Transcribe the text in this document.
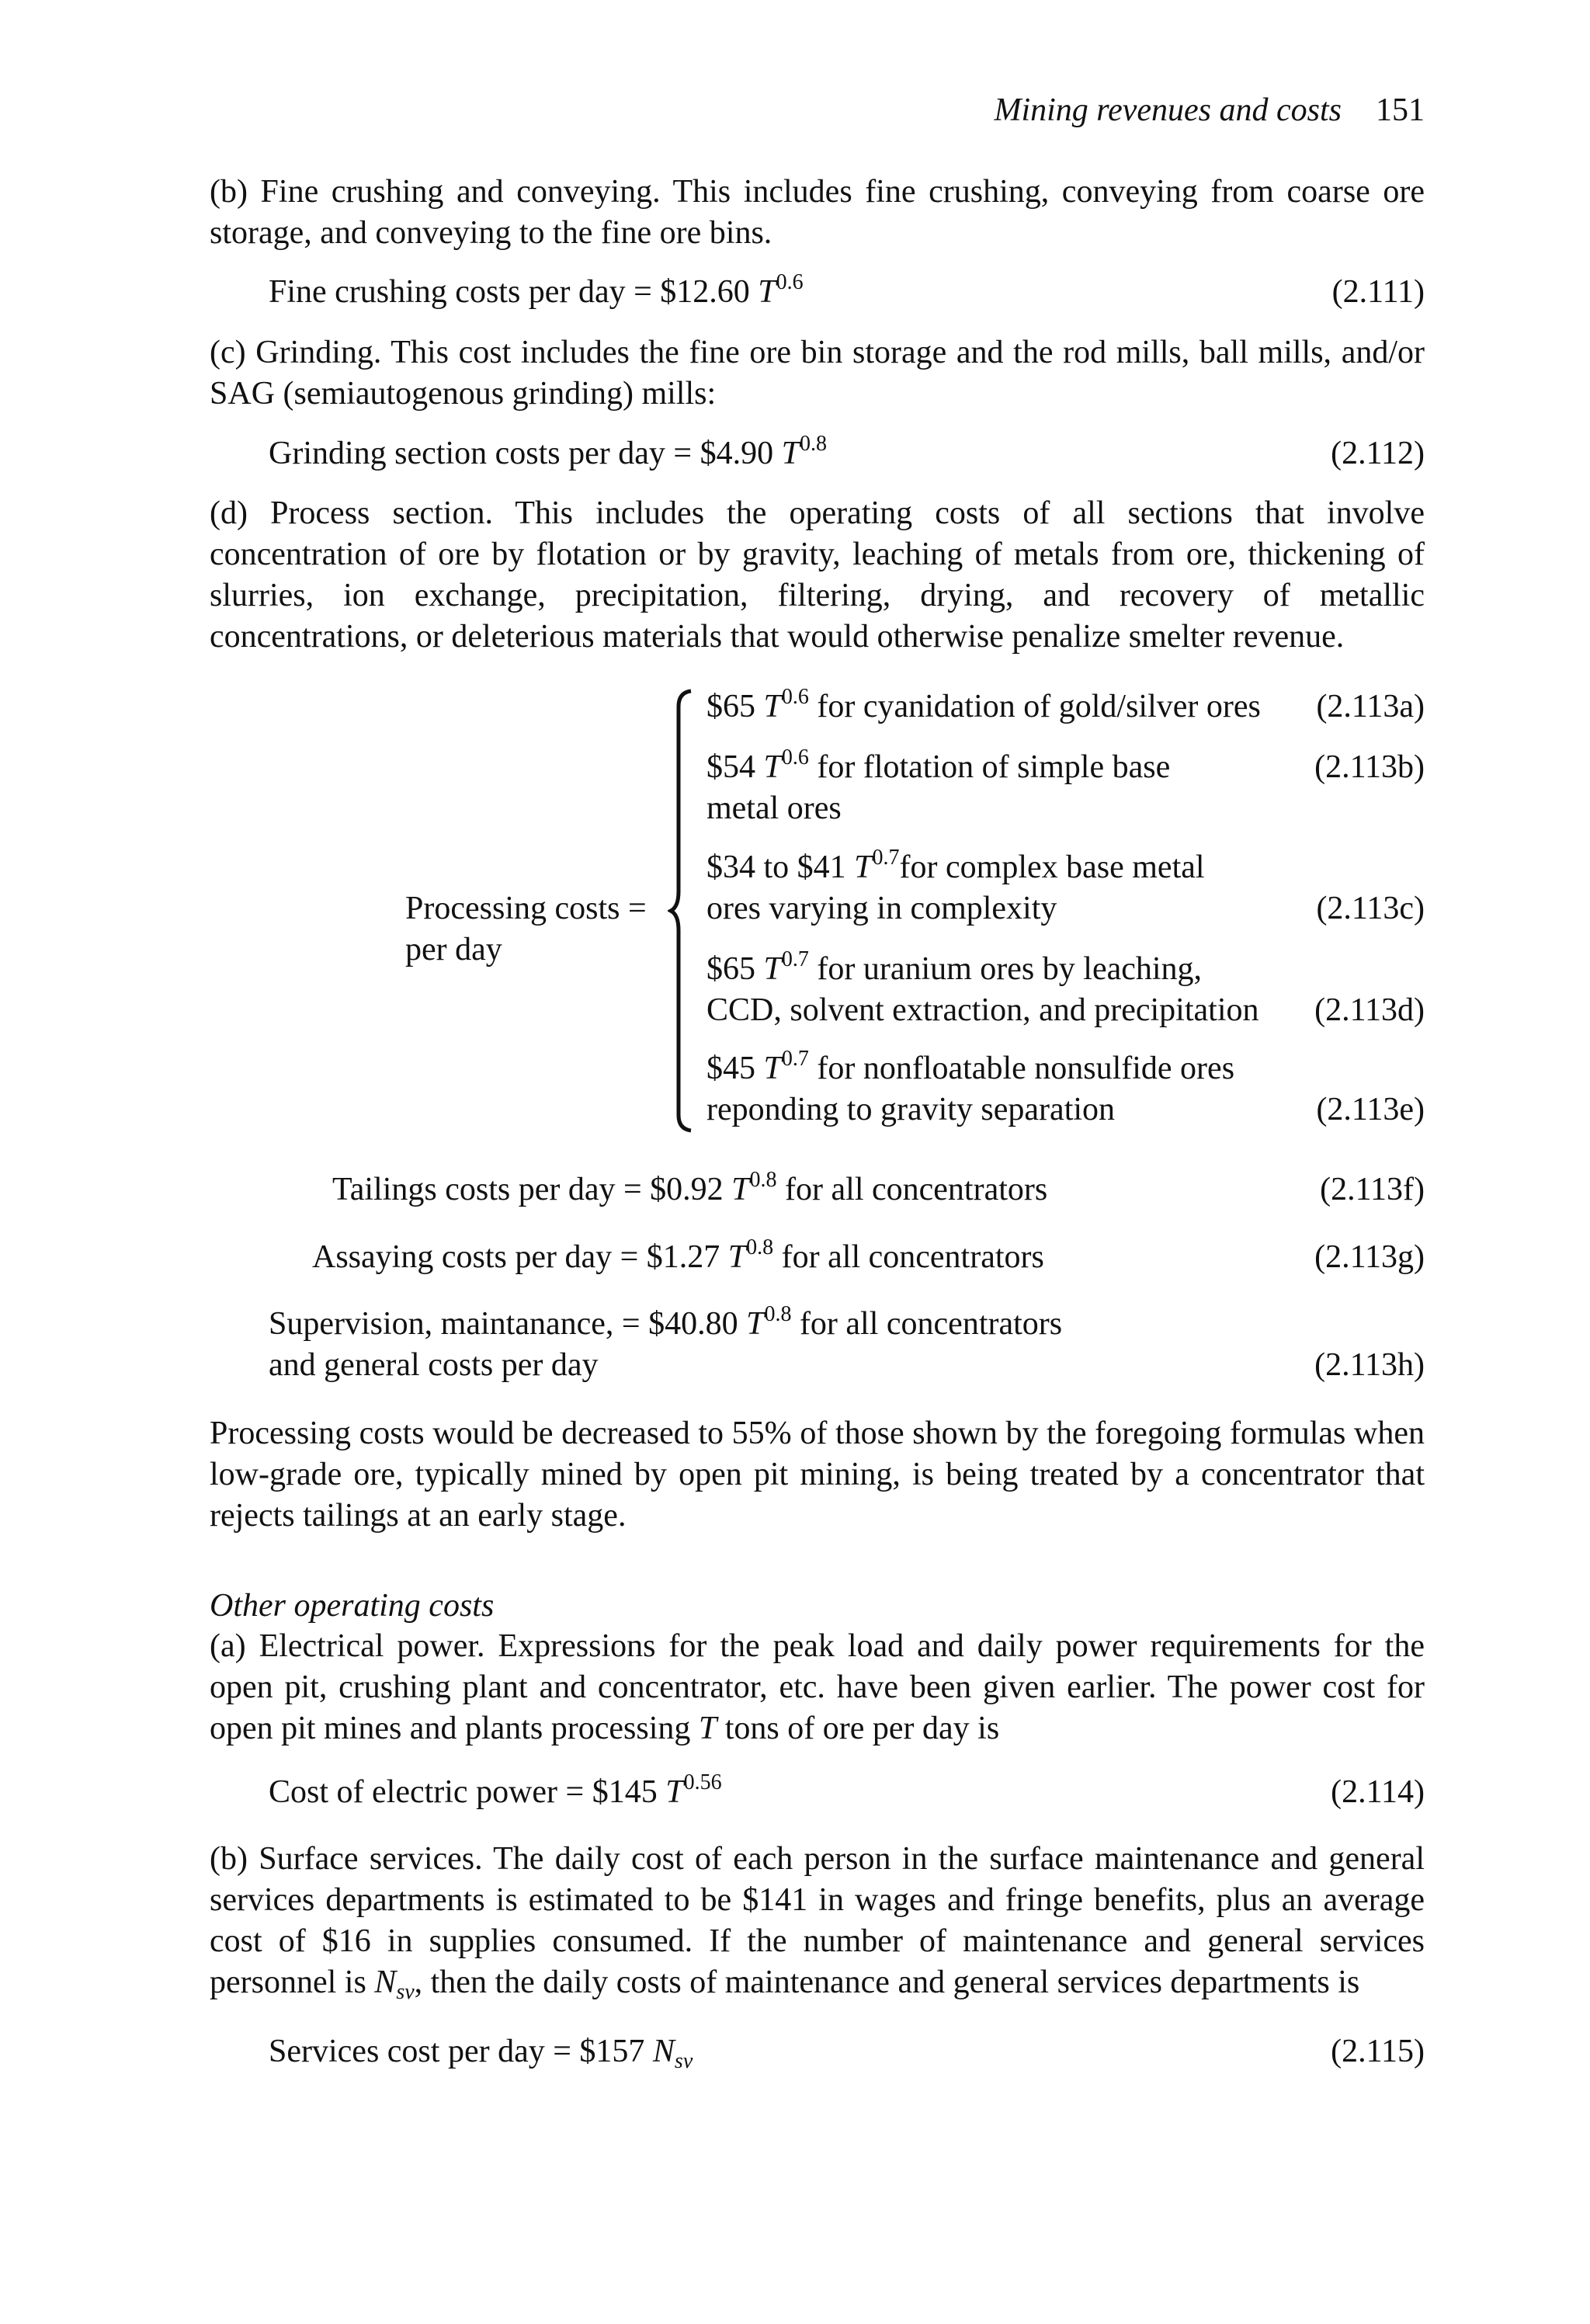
Mining revenues and costs 151

(b) Fine crushing and conveying. This includes fine crushing, conveying from coarse ore storage, and conveying to the fine ore bins.

Fine crushing costs per day = $12.60 $T^{0.6}$	(2.111)

(c) Grinding. This cost includes the fine ore bin storage and the rod mills, ball mills, and/or SAG (semiautogenous grinding) mills:

Grinding section costs per day = $4.90 $T^{0.8}$	(2.112)

(d) Process section. This includes the operating costs of all sections that involve concentration of ore by flotation or by gravity, leaching of metals from ore, thickening of slurries, ion exchange, precipitation, filtering, drying, and recovery of metallic concentrations, or deleterious materials that would otherwise penalize smelter revenue.

Processing costs =
per day
$65 $T^{0.6}$ for cyanidation of gold/silver ores (2.113a)
$54 $T^{0.6}$ for flotation of simple base
metal ores
(2.113b)
$34 to $41 $T^{0.7}for$ complex base metal
ores varying in complexity	(2.113c)
$65 $T^{0.7}$ for uranium ores by leaching,
CCD, solvent extraction, and precipitation (2.113d)
$45 $T^{0.7}$ for nonfloatable nonsulfide ores
reponding to gravity separation	(2.113e)
Tailings costs per day = $0.92 $T^{0.8}$ for all concentrators	(2.113f)
Assaying costs per day = $1.27 $T^{0.8}$ for all concentrators	(2.113g)
Supervision, maintanance, = $40.80 $T^{0.8}$ for all concentrators
and general costs per day	(2.113h)

Processing costs would be decreased to 55% of those shown by the foregoing formulas when low-grade ore, typically mined by open pit mining, is being treated by a concentrator that rejects tailings at an early stage.

Other operating costs

(a) Electrical power. Expressions for the peak load and daily power requirements for the open pit, crushing plant and concentrator, etc. have been given earlier. The power cost for open pit mines and plants processing T tons of ore per day is

Cost of electric power = $145 $T^{0.56}$	(2.114)

(b) Surface services. The daily cost of each person in the surface maintenance and general services departments is estimated to be $141 in wages and fringe benefits, plus an average cost of $16 in supplies consumed. If the number of maintenance and general services personnel is $N_{sv}$, then the daily costs of maintenance and general services departments is

Services cost per day = $157 $N_{sv}$	(2.115)
